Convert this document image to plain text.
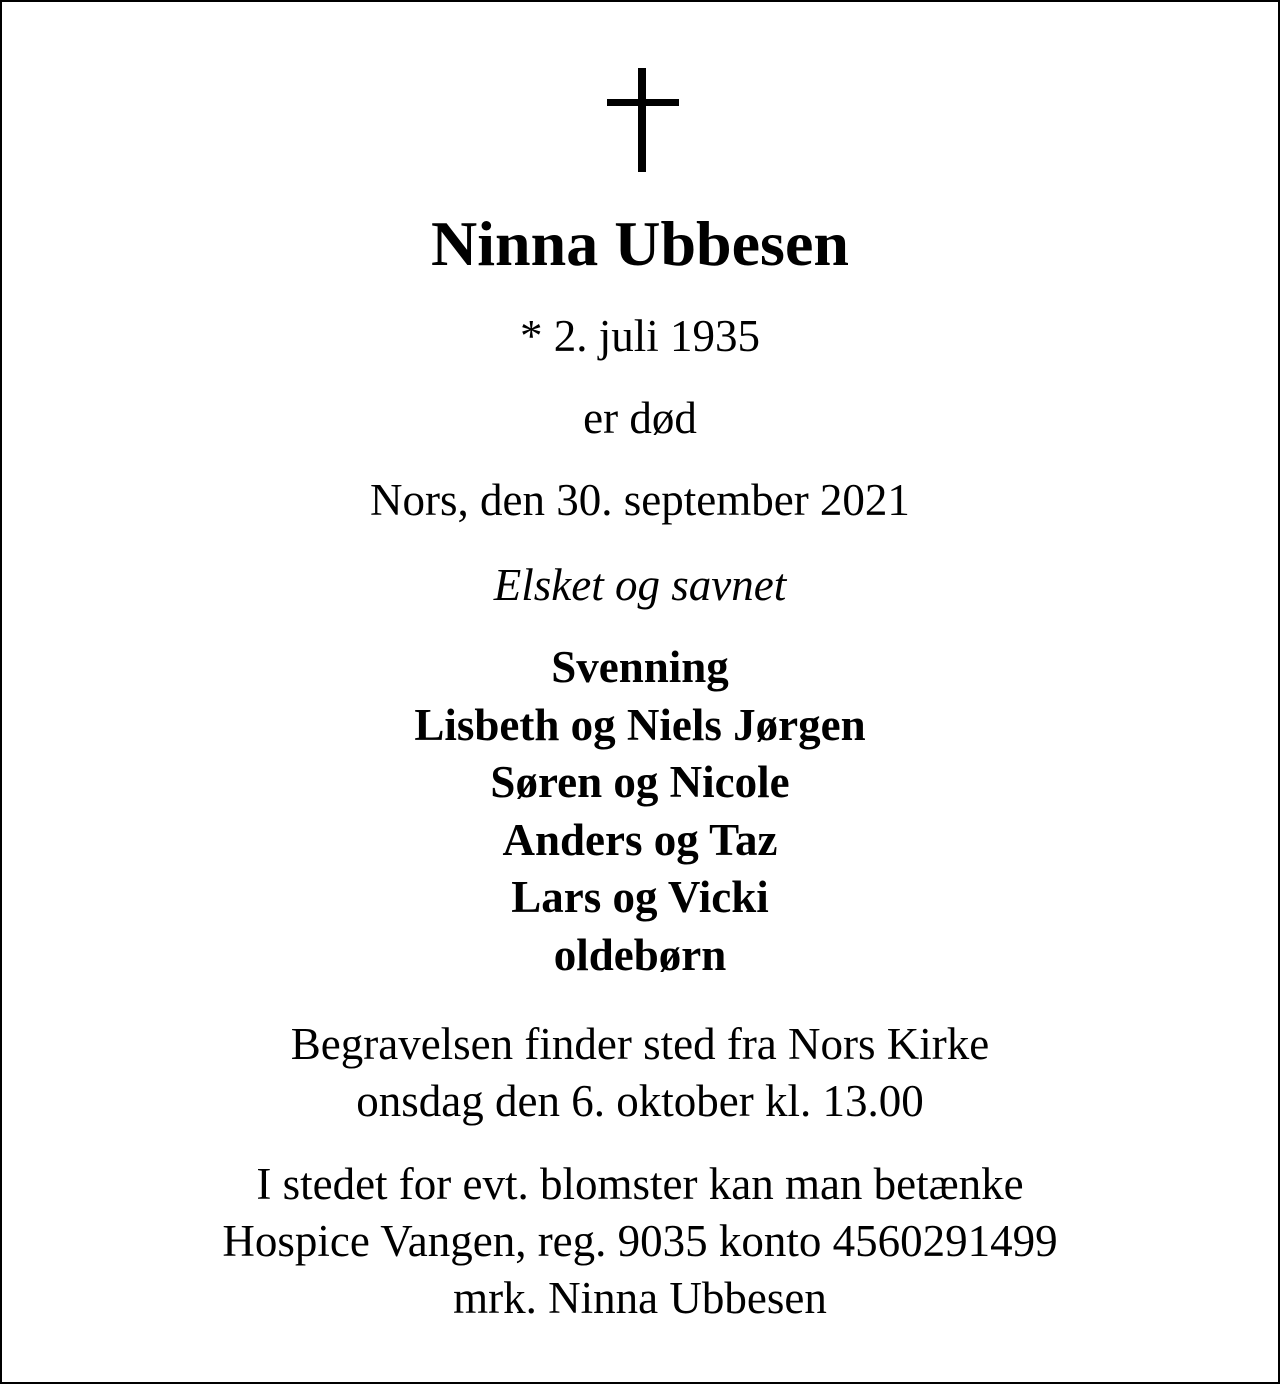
Ninna Ubbesen
* 2. juli 1935
er død
Nors, den 30. september 2021
Elsket og savnet
Svenning
Lisbeth og Niels Jørgen
Søren og Nicole
Anders og Taz
Lars og Vicki
oldebørn
Begravelsen finder sted fra Nors Kirke
onsdag den 6. oktober kl. 13.00
I stedet for evt. blomster kan man betænke
Hospice Vangen, reg. 9035 konto 4560291499
mrk. Ninna Ubbesen
